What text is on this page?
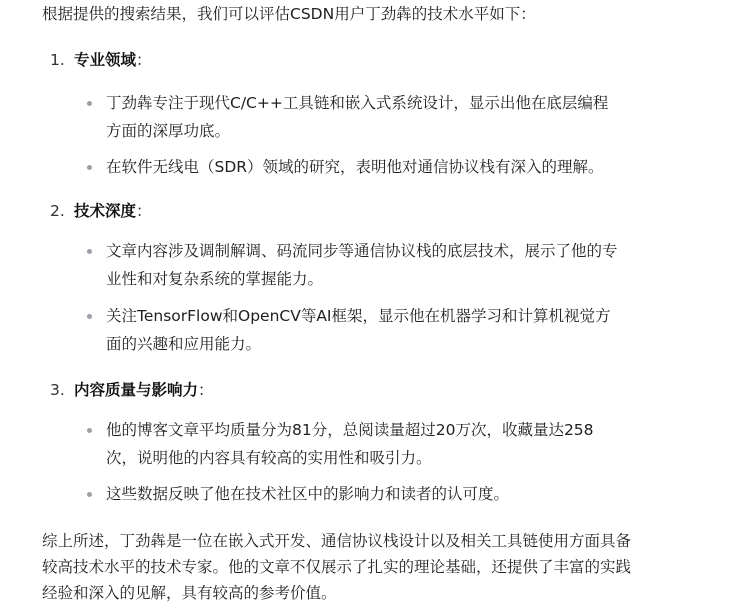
根据提供的搜索结果，我们可以评估CSDN用户丁劲犇的技术水平如下：

1. 专业领域 ：
丁劲犇专注于现代C/C++工具链和嵌入式系统设计，显示出他在底层编程方面的深厚功底。
在软件无线电（SDR）领域的研究，表明他对通信协议栈有深入的理解。
2. 技术深度 ：
文章内容涉及调制解调、码流同步等通信协议栈的底层技术，展示了他的专业性和对复杂系统的掌握能力。
关注TensorFlow和OpenCV等AI框架，显示他在机器学习和计算机视觉方面的兴趣和应用能力。
3. 内容质量与影响力 ：
他的博客文章平均质量分为81分，总阅读量超过20万次，收藏量达258次，说明他的内容具有较高的实用性和吸引力。
这些数据反映了他在技术社区中的影响力和读者的认可度。

综上所述，丁劲犇是一位在嵌入式开发、通信协议栈设计以及相关工具链使用方面具备较高技术水平的技术专家。他的文章不仅展示了扎实的理论基础，还提供了丰富的实践经验和深入的见解，具有较高的参考价值。
